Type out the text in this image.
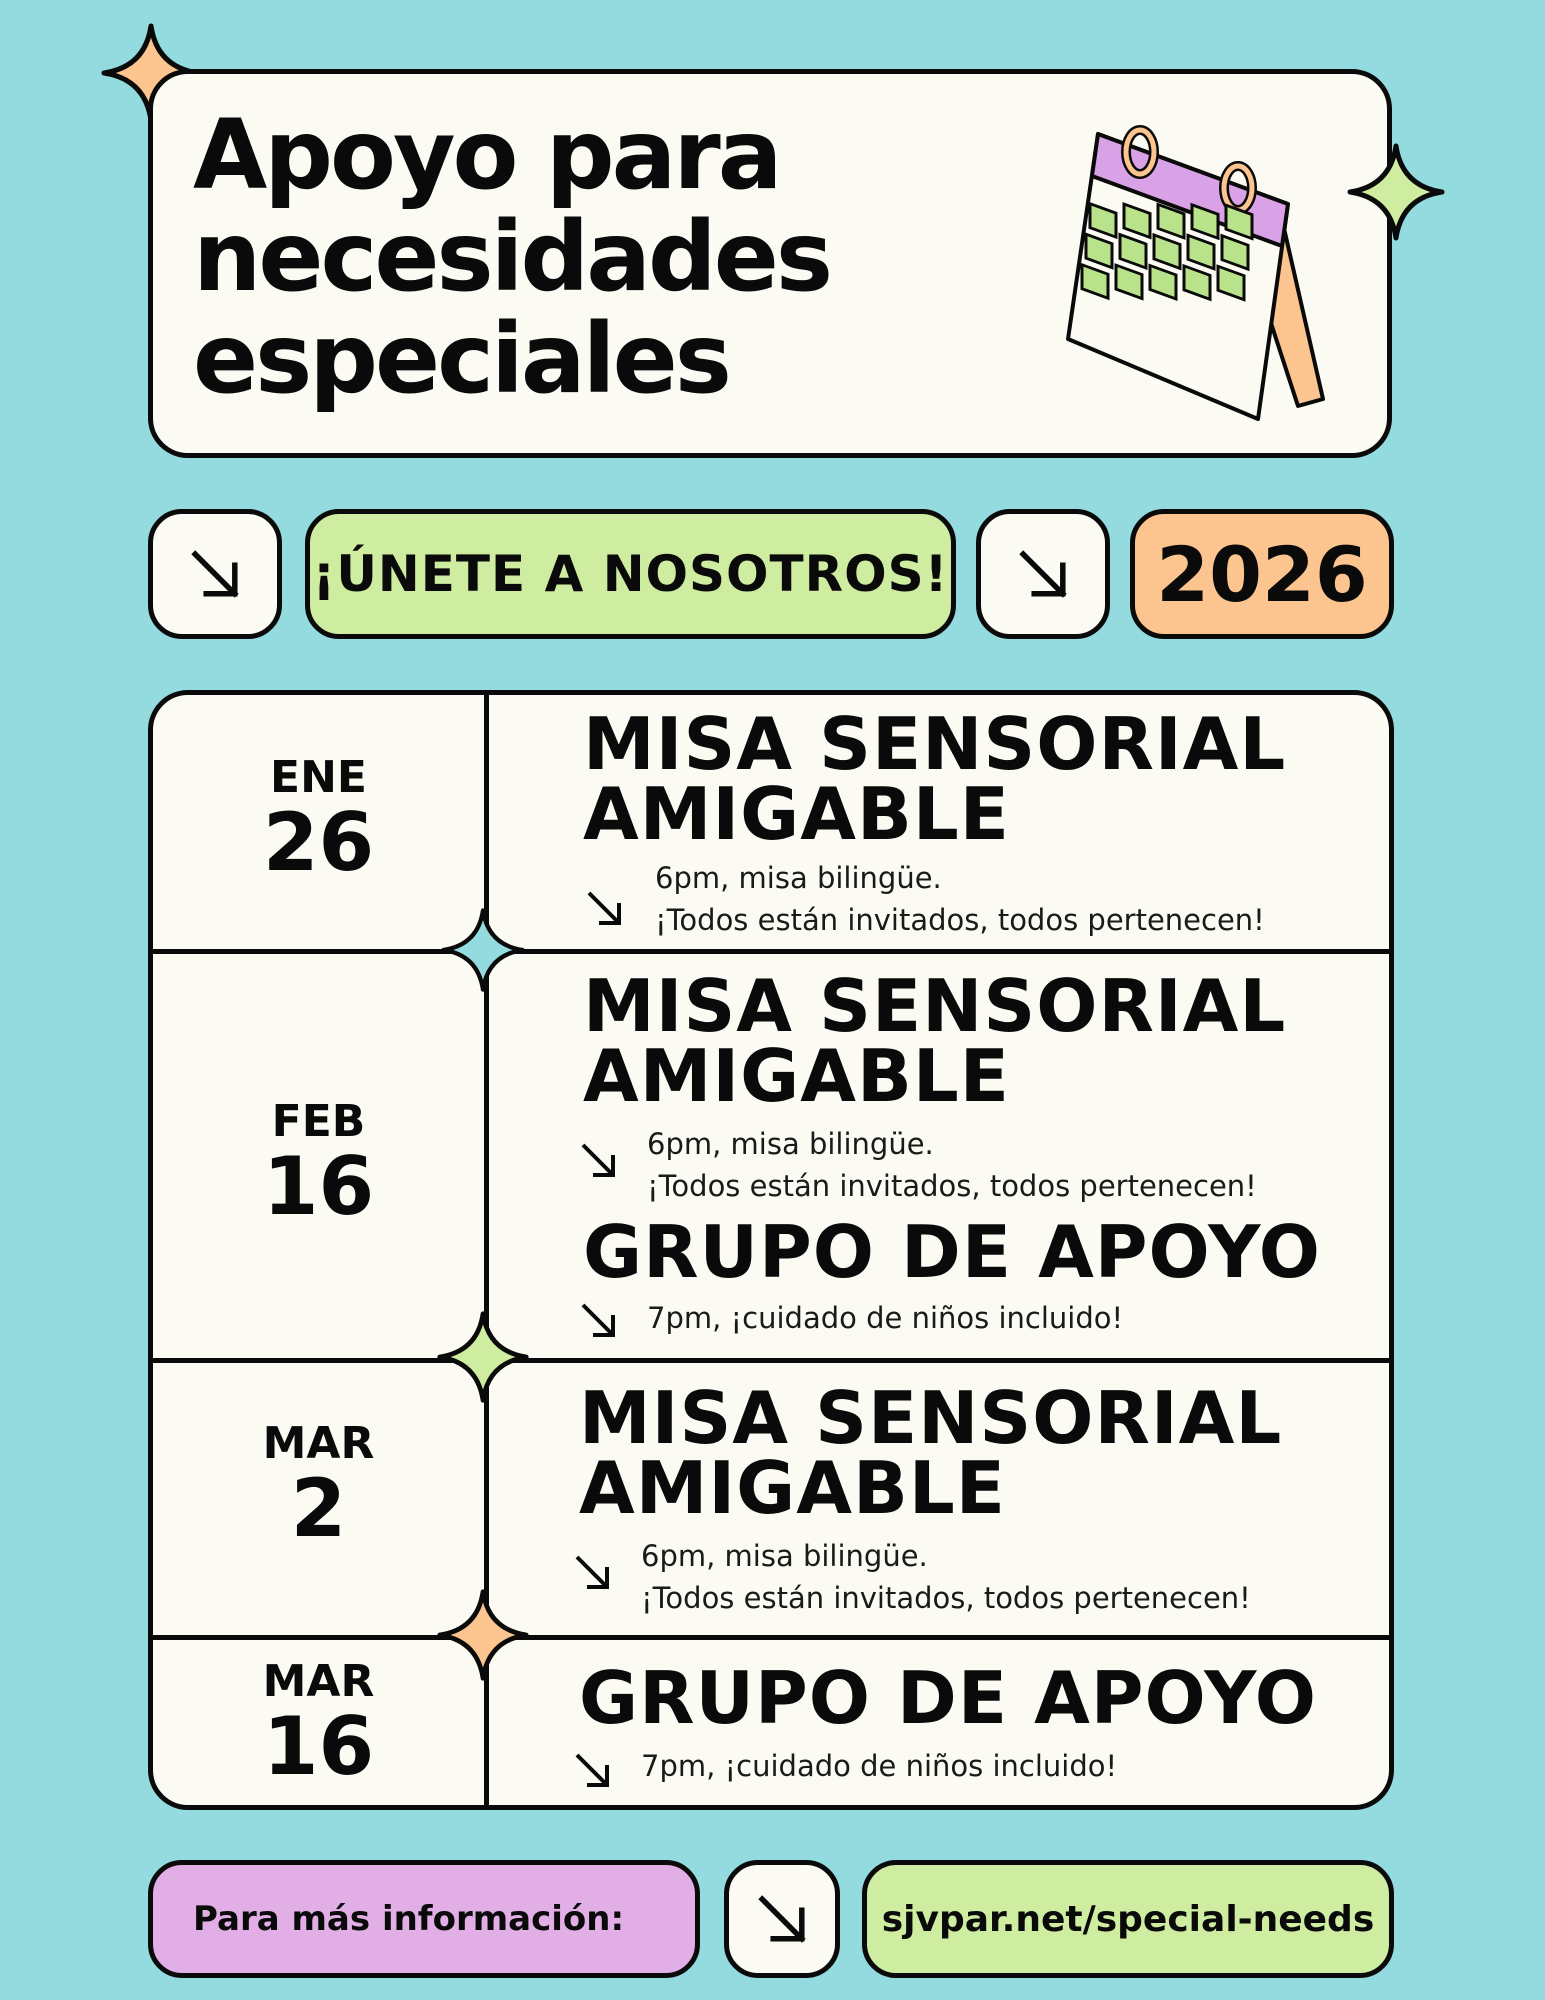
Apoyo para
necesidades
especiales
¡ÚNETE A NOSOTROS!	2026
ENE
26
MISA SENSORIAL
AMIGABLE
6pm, misa bilingüe.
¡Todos están invitados, todos pertenecen!
FEB
16
MISA SENSORIAL
AMIGABLE
6pm, misa bilingüe.
¡Todos están invitados, todos pertenecen!
GRUPO DE APOYO
7pm, ¡cuidado de niños incluido!
MAR
2
MISA SENSORIAL
AMIGABLE
6pm, misa bilingüe.
¡Todos están invitados, todos pertenecen!
MAR
16
GRUPO DE APOYO
7pm, ¡cuidado de niños incluido!
Para más información:	sjvpar.net/special-needs
